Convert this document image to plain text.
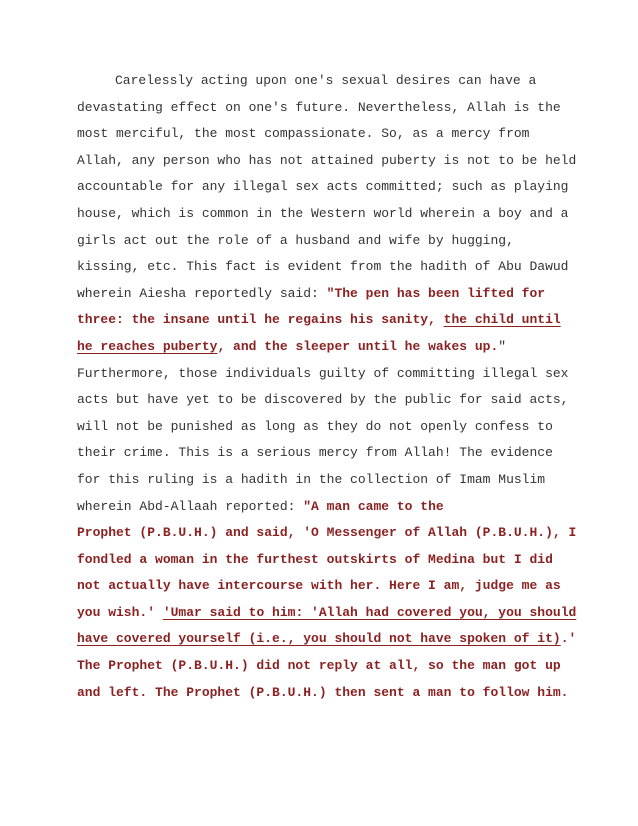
Carelessly acting upon one's sexual desires can have a
devastating effect on one's future. Nevertheless, Allah is the
most merciful, the most compassionate. So, as a mercy from
Allah, any person who has not attained puberty is not to be held
accountable for any illegal sex acts committed; such as playing
house, which is common in the Western world wherein a boy and a
girls act out the role of a husband and wife by hugging,
kissing, etc. This fact is evident from the hadith of Abu Dawud
wherein Aiesha reportedly said: "The pen has been lifted for
three: the insane until he regains his sanity, the child until
he reaches puberty, and the sleeper until he wakes up."
Furthermore, those individuals guilty of committing illegal sex
acts but have yet to be discovered by the public for said acts,
will not be punished as long as they do not openly confess to
their crime. This is a serious mercy from Allah! The evidence
for this ruling is a hadith in the collection of Imam Muslim
wherein Abd-Allaah reported: "A man came to the
Prophet (P.B.U.H.) and said, 'O Messenger of Allah (P.B.U.H.), I
fondled a woman in the furthest outskirts of Medina but I did
not actually have intercourse with her. Here I am, judge me as
you wish.' 'Umar said to him: 'Allah had covered you, you should
have covered yourself (i.e., you should not have spoken of it).'
The Prophet (P.B.U.H.) did not reply at all, so the man got up
and left. The Prophet (P.B.U.H.) then sent a man to follow him.
